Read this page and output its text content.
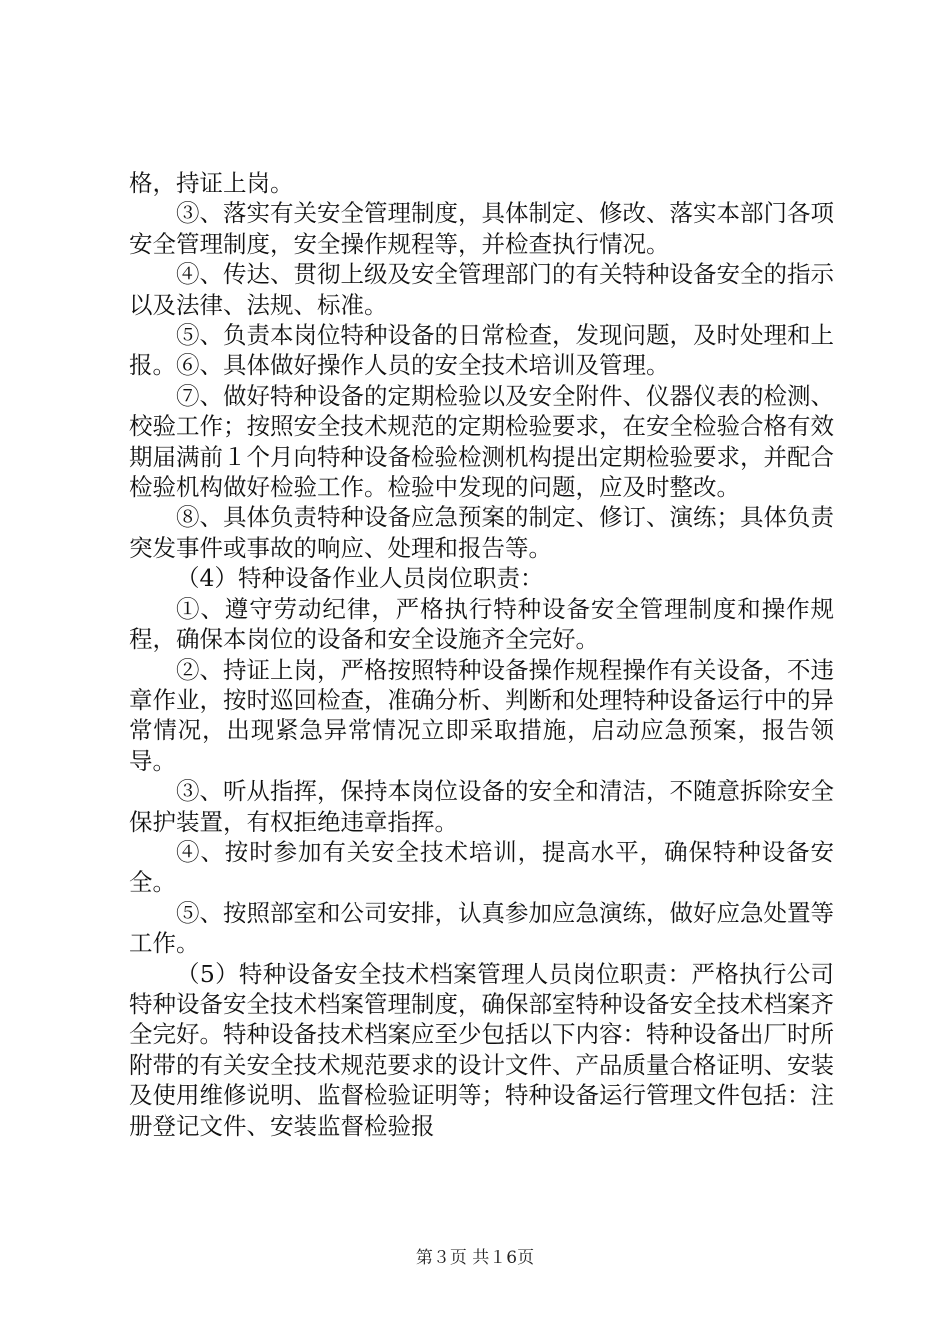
格，持证上岗。

③、落实有关安全管理制度，具体制定、修改、落实本部门各项安全管理制度，安全操作规程等，并检查执行情况。

④、传达、贯彻上级及安全管理部门的有关特种设备安全的指示以及法律、法规、标准。

⑤、负责本岗位特种设备的日常检查，发现问题，及时处理和上报。⑥、具体做好操作人员的安全技术培训及管理。

⑦、做好特种设备的定期检验以及安全附件、仪器仪表的检测、校验工作；按照安全技术规范的定期检验要求，在安全检验合格有效期届满前１个月向特种设备检验检测机构提出定期检验要求，并配合检验机构做好检验工作。检验中发现的问题，应及时整改。

⑧、具体负责特种设备应急预案的制定、修订、演练；具体负责突发事件或事故的响应、处理和报告等。

（4）特种设备作业人员岗位职责：

①、遵守劳动纪律，严格执行特种设备安全管理制度和操作规程，确保本岗位的设备和安全设施齐全完好。

②、持证上岗，严格按照特种设备操作规程操作有关设备，不违章作业，按时巡回检查，准确分析、判断和处理特种设备运行中的异常情况，出现紧急异常情况立即采取措施，启动应急预案，报告领导。

③、听从指挥，保持本岗位设备的安全和清洁，不随意拆除安全保护装置，有权拒绝违章指挥。

④、按时参加有关安全技术培训，提高水平，确保特种设备安全。

⑤、按照部室和公司安排，认真参加应急演练，做好应急处置等工作。

（5）特种设备安全技术档案管理人员岗位职责：严格执行公司特种设备安全技术档案管理制度，确保部室特种设备安全技术档案齐全完好。特种设备技术档案应至少包括以下内容：特种设备出厂时所附带的有关安全技术规范要求的设计文件、产品质量合格证明、安装及使用维修说明、监督检验证明等；特种设备运行管理文件包括：注册登记文件、安装监督检验报

第３页 共１6页
